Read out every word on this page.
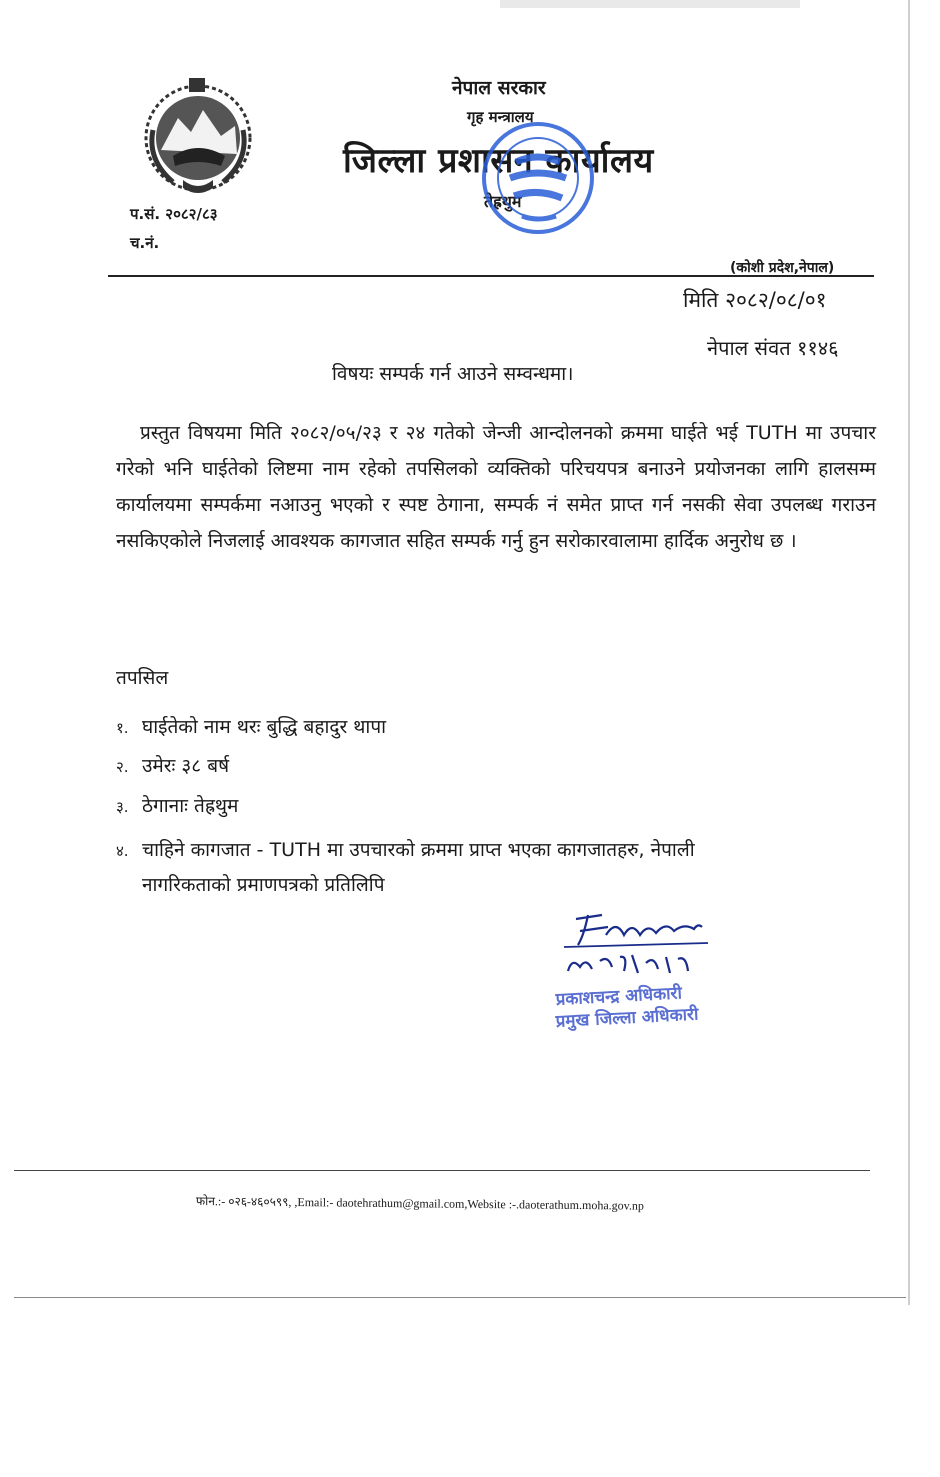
नेपाल सरकार
गृह मन्त्रालय
जिल्ला प्रशासन कार्यालय
तेह्रथुम
प.सं. २०८२/८३
च.नं.
(कोशी प्रदेश,नेपाल)
मिति २०८२/०८/०१
नेपाल संवत ११४६
विषयः सम्पर्क गर्न आउने सम्वन्धमा।
प्रस्तुत विषयमा मिति २०८२/०५/२३ र २४ गतेको जेन्जी आन्दोलनको क्रममा घाईते भई TUTH मा उपचार गरेको भनि घाईतेको लिष्टमा नाम रहेको तपसिलको व्यक्तिको परिचयपत्र बनाउने प्रयोजनका लागि हालसम्म कार्यालयमा सम्पर्कमा नआउनु भएको र स्पष्ट ठेगाना, सम्पर्क नं समेत प्राप्त गर्न नसकी सेवा उपलब्ध गराउन नसकिएकोले निजलाई आवश्यक कागजात सहित सम्पर्क गर्नु हुन सरोकारवालामा हार्दिक अनुरोध छ ।
तपसिल
१. घाईतेको नाम थरः बुद्धि बहादुर थापा
२. उमेरः ३८ बर्ष
३. ठेगानाः तेह्रथुम
४. चाहिने कागजात - TUTH मा उपचारको क्रममा प्राप्त भएका कागजातहरु, नेपाली
नागरिकताको प्रमाणपत्रको प्रतिलिपि
प्रकाशचन्द्र अधिकारी
प्रमुख जिल्ला अधिकारी
फोन.:- ०२६-४६०५९९, ,Email:- daotehrathum@gmail.com,Website :-.daoterathum.moha.gov.np
